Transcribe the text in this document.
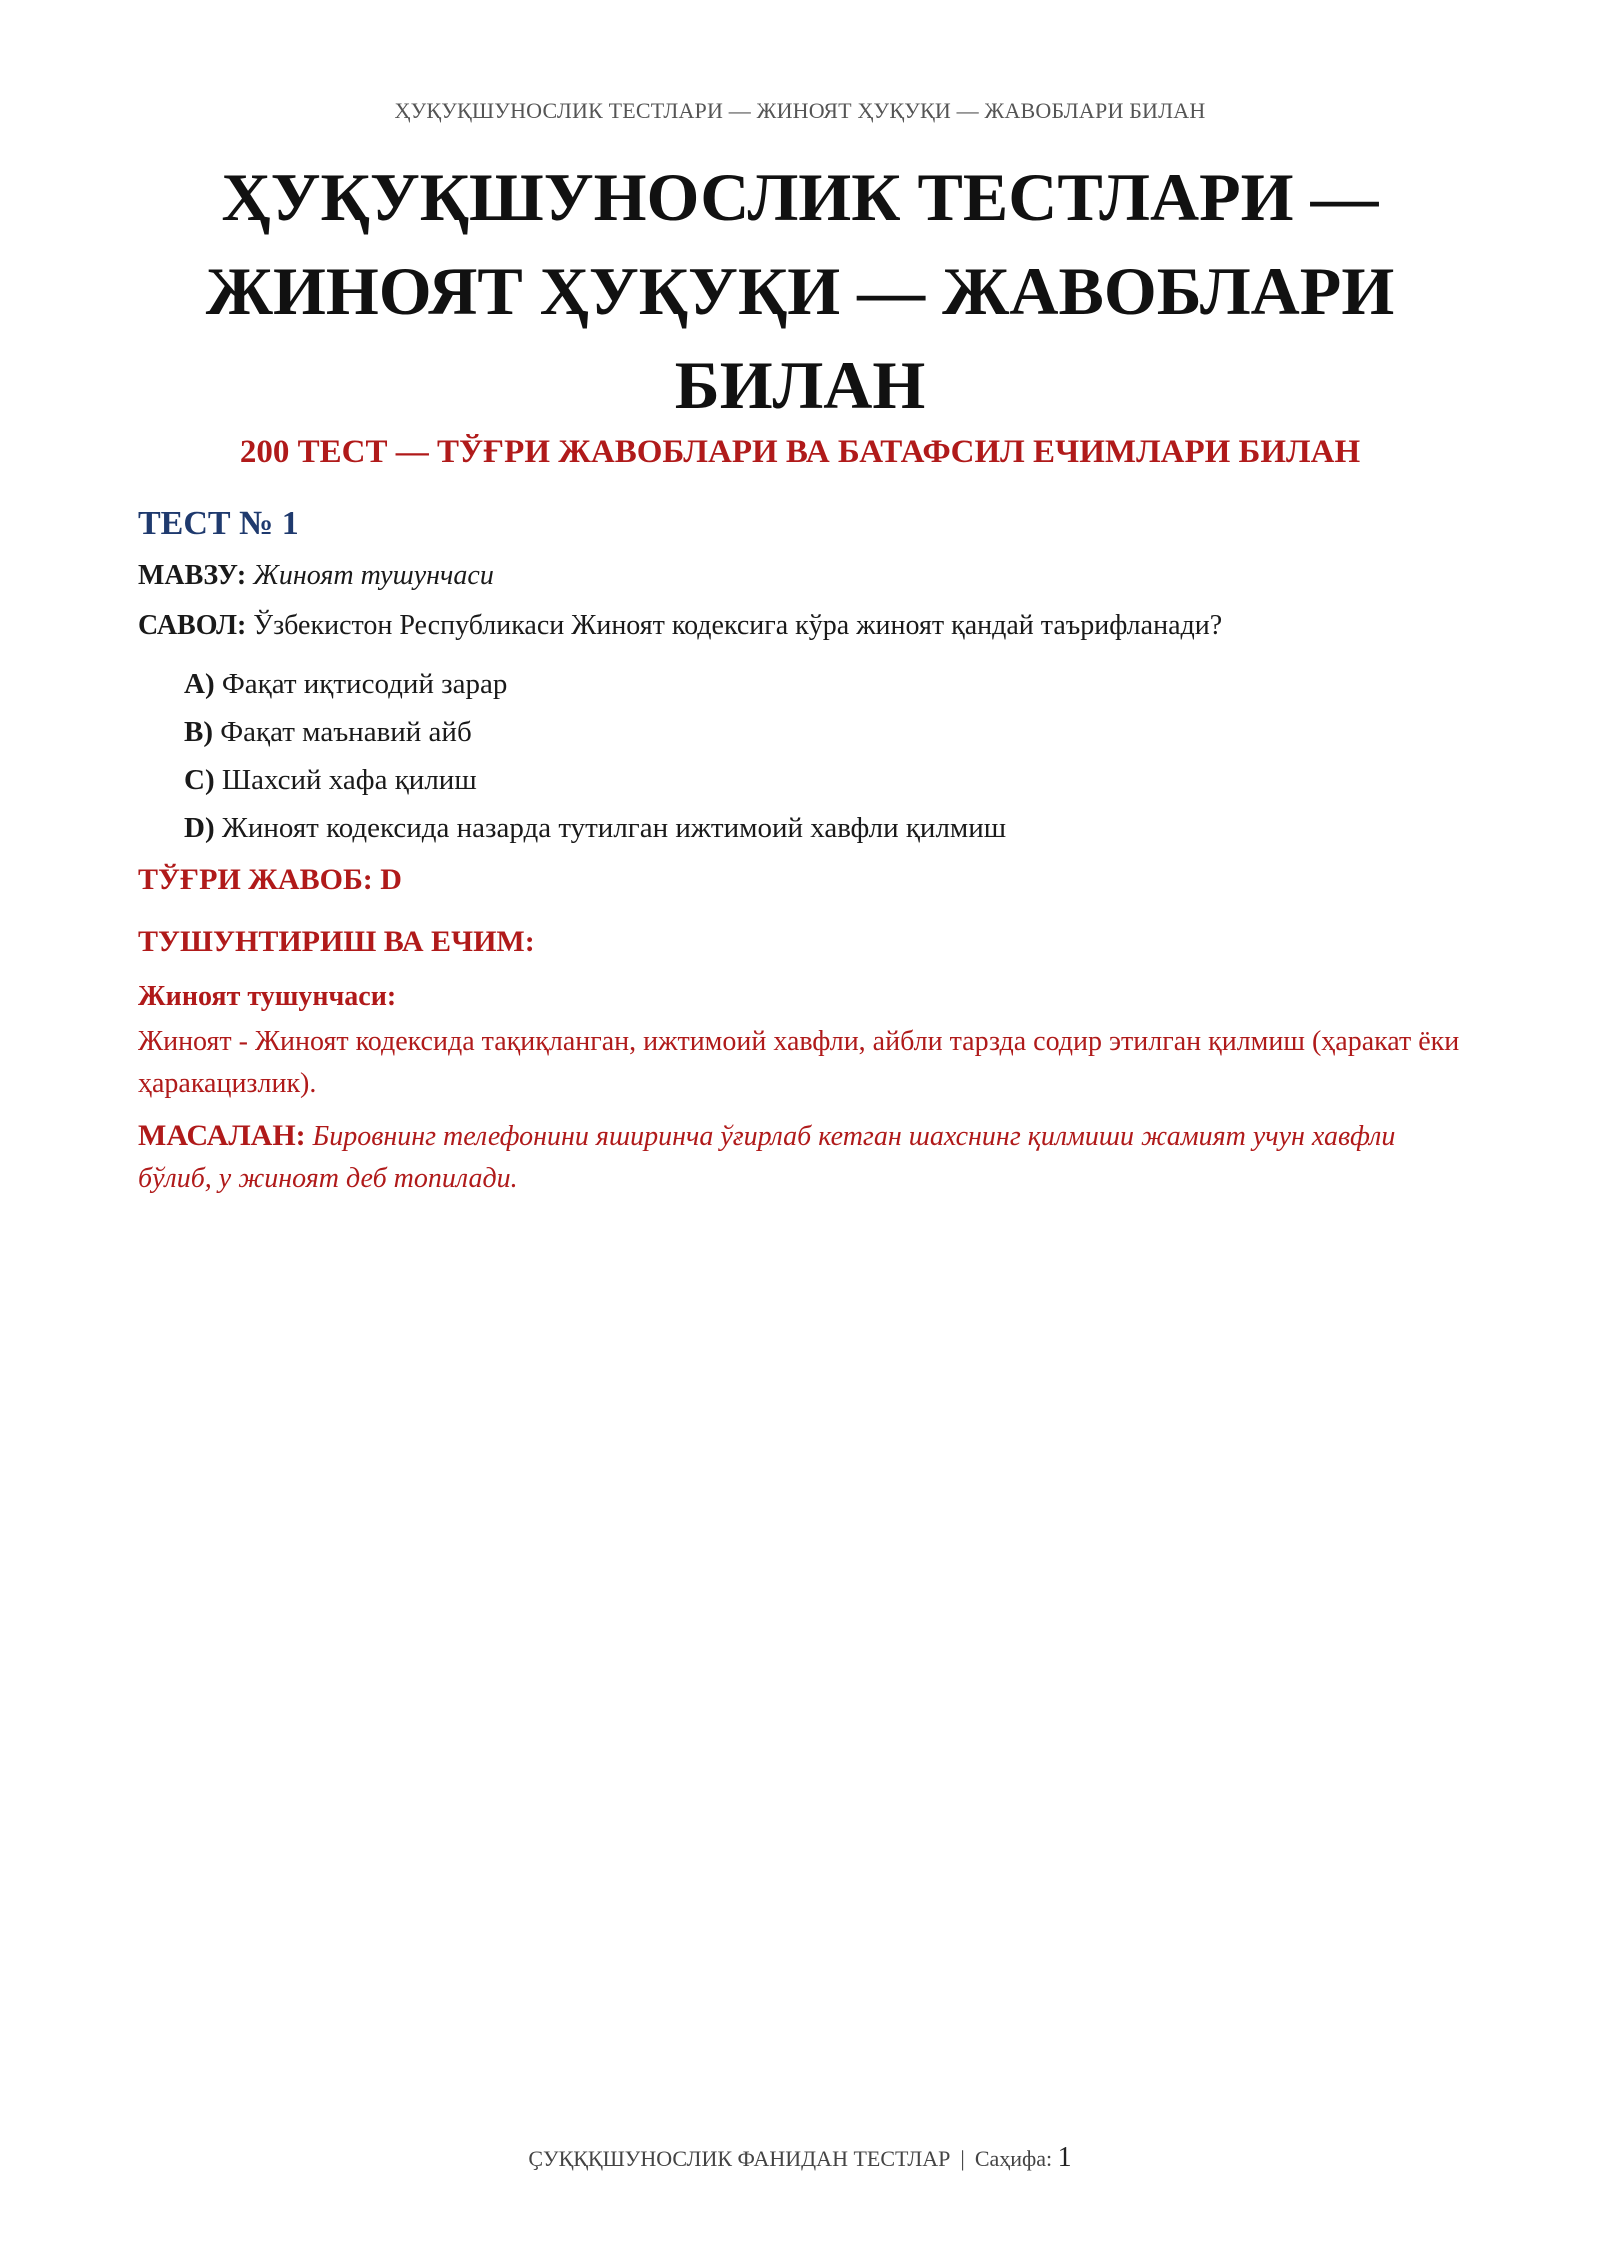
ҲУҚУҚШУНОСЛИК ТЕСТЛАРИ — ЖИНОЯТ ҲУҚУҚИ — ЖАВОБЛАРИ БИЛАН
ҲУҚУҚШУНОСЛИК ТЕСТЛАРИ — ЖИНОЯТ ҲУҚУҚИ — ЖАВОБЛАРИ БИЛАН
200 ТЕСТ — ТЎҒРИ ЖАВОБЛАРИ ВА БАТАФСИЛ ЕЧИМЛАРИ БИЛАН
ТЕСТ № 1
МАВЗУ: Жиноят тушунчаси
САВОЛ: Ўзбекистон Республикаси Жиноят кодексига кўра жиноят қандай таърифланади?
A) Фақат иқтисодий зарар
B) Фақат маънавий айб
C) Шахсий хафа қилиш
D) Жиноят кодексида назарда тутилган ижтимоий хавфли қилмиш
ТЎҒРИ ЖАВОБ: D
ТУШУНТИРИШ ВА ЕЧИМ:
Жиноят тушунчаси:
Жиноят - Жиноят кодексида тақиқланган, ижтимоий хавфли, айбли тарзда содир этилган қилмиш (ҳаракат ёки ҳаракацизлик).
МАСАЛАН: Бировнинг телефонини яширинча ўғирлаб кетган шахснинг қилмиши жамият учун хавфли бўлиб, у жиноят деб топилади.
ҪУҚҚҚШУНОСЛИК ФАНИДАН ТЕСТЛАР | Саҳифа: 1
